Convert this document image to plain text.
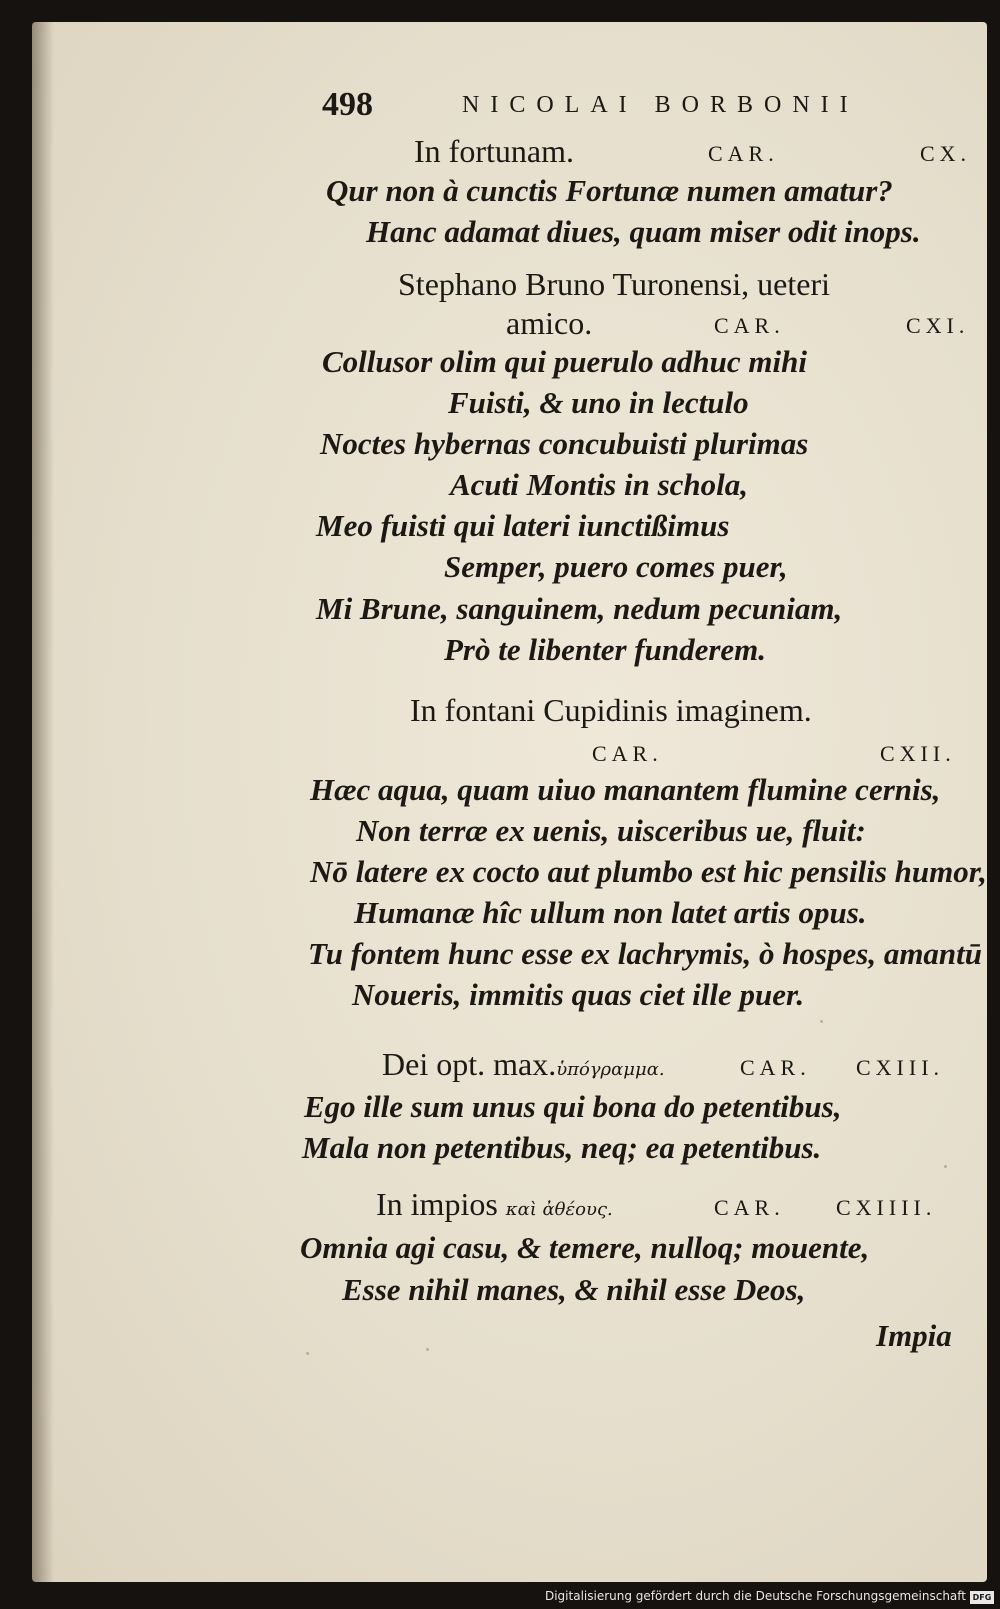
498	NICOLAI BORBONII
In fortunam.	CAR.	CX.
Qur non à cunctis Fortunæ numen amatur?
Hanc adamat diues, quam miser odit inops.
Stephano Bruno Turonensi, ueteri
amico.	CAR.	CXI.
Collusor olim qui puerulo adhuc mihi
Fuisti, & uno in lectulo
Noctes hybernas concubuisti plurimas
Acuti Montis in schola,
Meo fuisti qui lateri iunctißimus
Semper, puero comes puer,
Mi Brune, sanguinem, nedum pecuniam,
Prò te libenter funderem.
In fontani Cupidinis imaginem.
CAR.	CXII.
Hæc aqua, quam uiuo manantem flumine cernis,
Non terræ ex uenis, uisceribus ue, fluit:
Nō latere ex cocto aut plumbo est hic pensilis humor,
Humanæ hîc ullum non latet artis opus.
Tu fontem hunc esse ex lachrymis, ò hospes, amantū
Noueris, immitis quas ciet ille puer.
Dei opt. max.ὑπόγραμμα.	CAR. CXIII.
Ego ille sum unus qui bona do petentibus,
Mala non petentibus, neq; ea petentibus.
In impios καὶ ἀθέους.	CAR. CXIIII.
Omnia agi casu, & temere, nulloq; mouente,
Esse nihil manes, & nihil esse Deos,
Impia
Digitalisierung gefördert durch die Deutsche Forschungsgemeinschaft DFG
